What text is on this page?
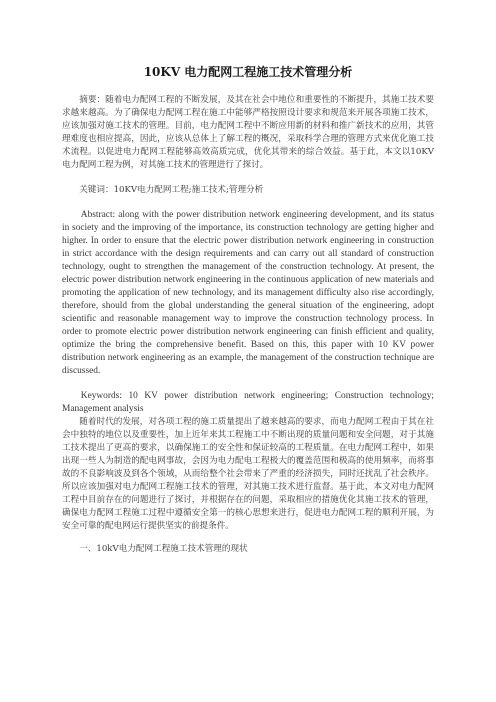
10KV 电力配网工程施工技术管理分析

摘要：随着电力配网工程的不断发展，及其在社会中地位和重要性的不断提升，其施工技术要求越来越高。为了确保电力配网工程在施工中能够严格按照设计要求和规范来开展各项施工技术，应该加强对施工技术的管理。目前，电力配网工程中不断应用新的材料和推广新技术的应用，其管理难度也相应提高，因此，应该从总体上了解工程的概况，采取科学合理的管理方式来优化施工技术流程。以促进电力配网工程能够高效高质完成，优化其带来的综合效益。基于此，本文以10KV电力配网工程为例，对其施工技术的管理进行了探讨。

关键词：10KV电力配网工程;施工技术;管理分析

Abstract: along with the power distribution network engineering development, and its status in society and the improving of the importance, its construction technology are getting higher and higher. In order to ensure that the electric power distribution network engineering in construction in strict accordance with the design requirements and can carry out all standard of construction technology, ought to strengthen the management of the construction technology. At present, the electric power distribution network engineering in the continuous application of new materials and promoting the application of new technology, and its management difficulty also rise accordingly, therefore, should from the global understanding the general situation of the engineering, adopt scientific and reasonable management way to improve the construction technology process. In order to promote electric power distribution network engineering can finish efficient and quality, optimize the bring the comprehensive benefit. Based on this, this paper with 10 KV power distribution network engineering as an example, the management of the construction technique are discussed.

Keywords: 10 KV power distribution network engineering; Construction technology; Management analysis

随着时代的发展，对各项工程的施工质量提出了越来越高的要求，而电力配网工程由于其在社会中独特的地位以及重要性，加上近年来其工程施工中不断出现的质量问题和安全问题，对于其施工技术提出了更高的要求，以确保施工的安全性和保证较高的工程质量。在电力配网工程中，如果出现一些人为制造的配电网事故，会因为电力配电工程极大的覆盖范围和极高的使用频率，而将事故的不良影响波及到各个领域，从而给整个社会带来了严重的经济损失，同时还扰乱了社会秩序。所以应该加强对电力配网工程施工技术的管理，对其施工技术进行监督。基于此，本文对电力配网工程中目前存在的问题进行了探讨，并根据存在的问题，采取相应的措施优化其施工技术的管理，确保电力配网工程施工过程中遵循安全第一的核心思想来进行，促进电力配网工程的顺利开展，为安全可靠的配电网运行提供坚实的前提条件。

一、10kV电力配网工程施工技术管理的现状
